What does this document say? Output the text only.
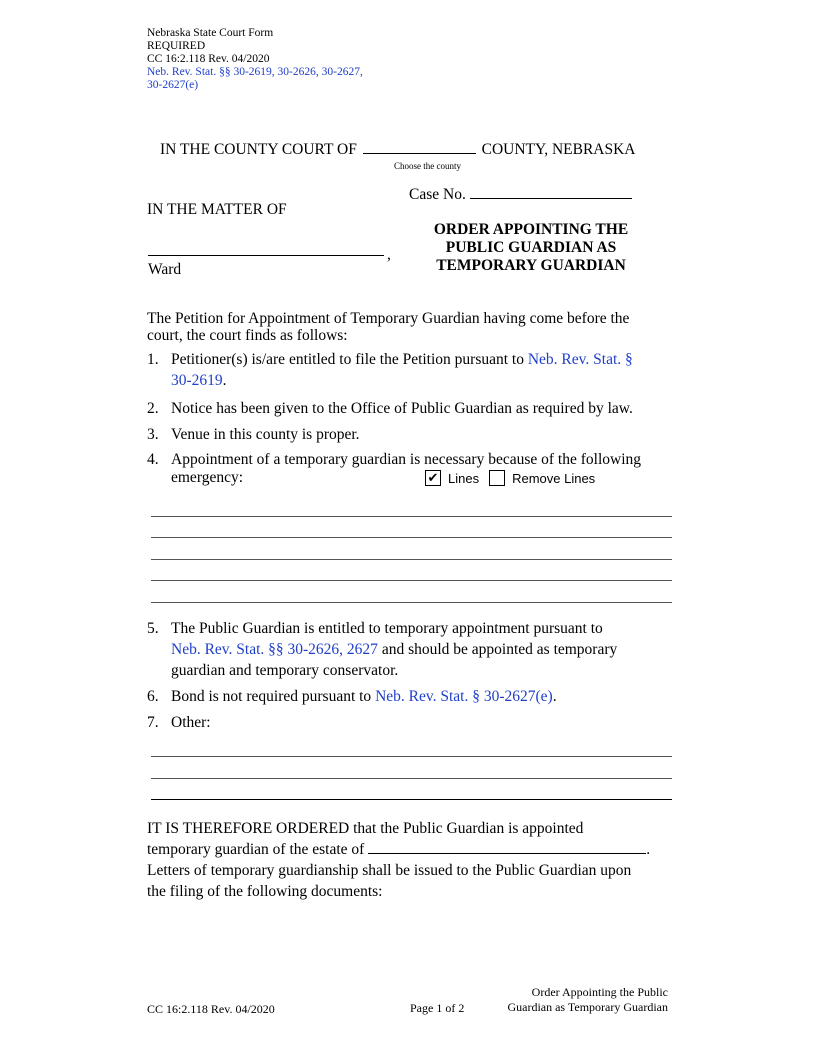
Nebraska State Court Form
REQUIRED
CC 16:2.118 Rev. 04/2020
Neb. Rev. Stat. §§ 30-2619, 30-2626, 30-2627,
30-2627(e)
IN THE COUNTY COURT OF	COUNTY, NEBRASKA
Choose the county
Case No.
IN THE MATTER OF
ORDER APPOINTING THE
PUBLIC GUARDIAN AS
TEMPORARY GUARDIAN
,
Ward
The Petition for Appointment of Temporary Guardian having come before the court, the court finds as follows:
1. Petitioner(s) is/are entitled to file the Petition pursuant to Neb. Rev. Stat. § 30-2619.
2. Notice has been given to the Office of Public Guardian as required by law.
3. Venue in this county is proper.
4. Appointment of a temporary guardian is necessary because of the following
emergency:	✔ Lines	Remove Lines
5. The Public Guardian is entitled to temporary appointment pursuant to
Neb. Rev. Stat. §§ 30-2626, 2627 and should be appointed as temporary
guardian and temporary conservator.
6. Bond is not required pursuant to Neb. Rev. Stat. § 30-2627(e).
7. Other:
IT IS THEREFORE ORDERED that the Public Guardian is appointed
temporary guardian of the estate of	.
Letters of temporary guardianship shall be issued to the Public Guardian upon
the filing of the following documents:
CC 16:2.118 Rev. 04/2020	Page 1 of 2
Order Appointing the Public
Guardian as Temporary Guardian
